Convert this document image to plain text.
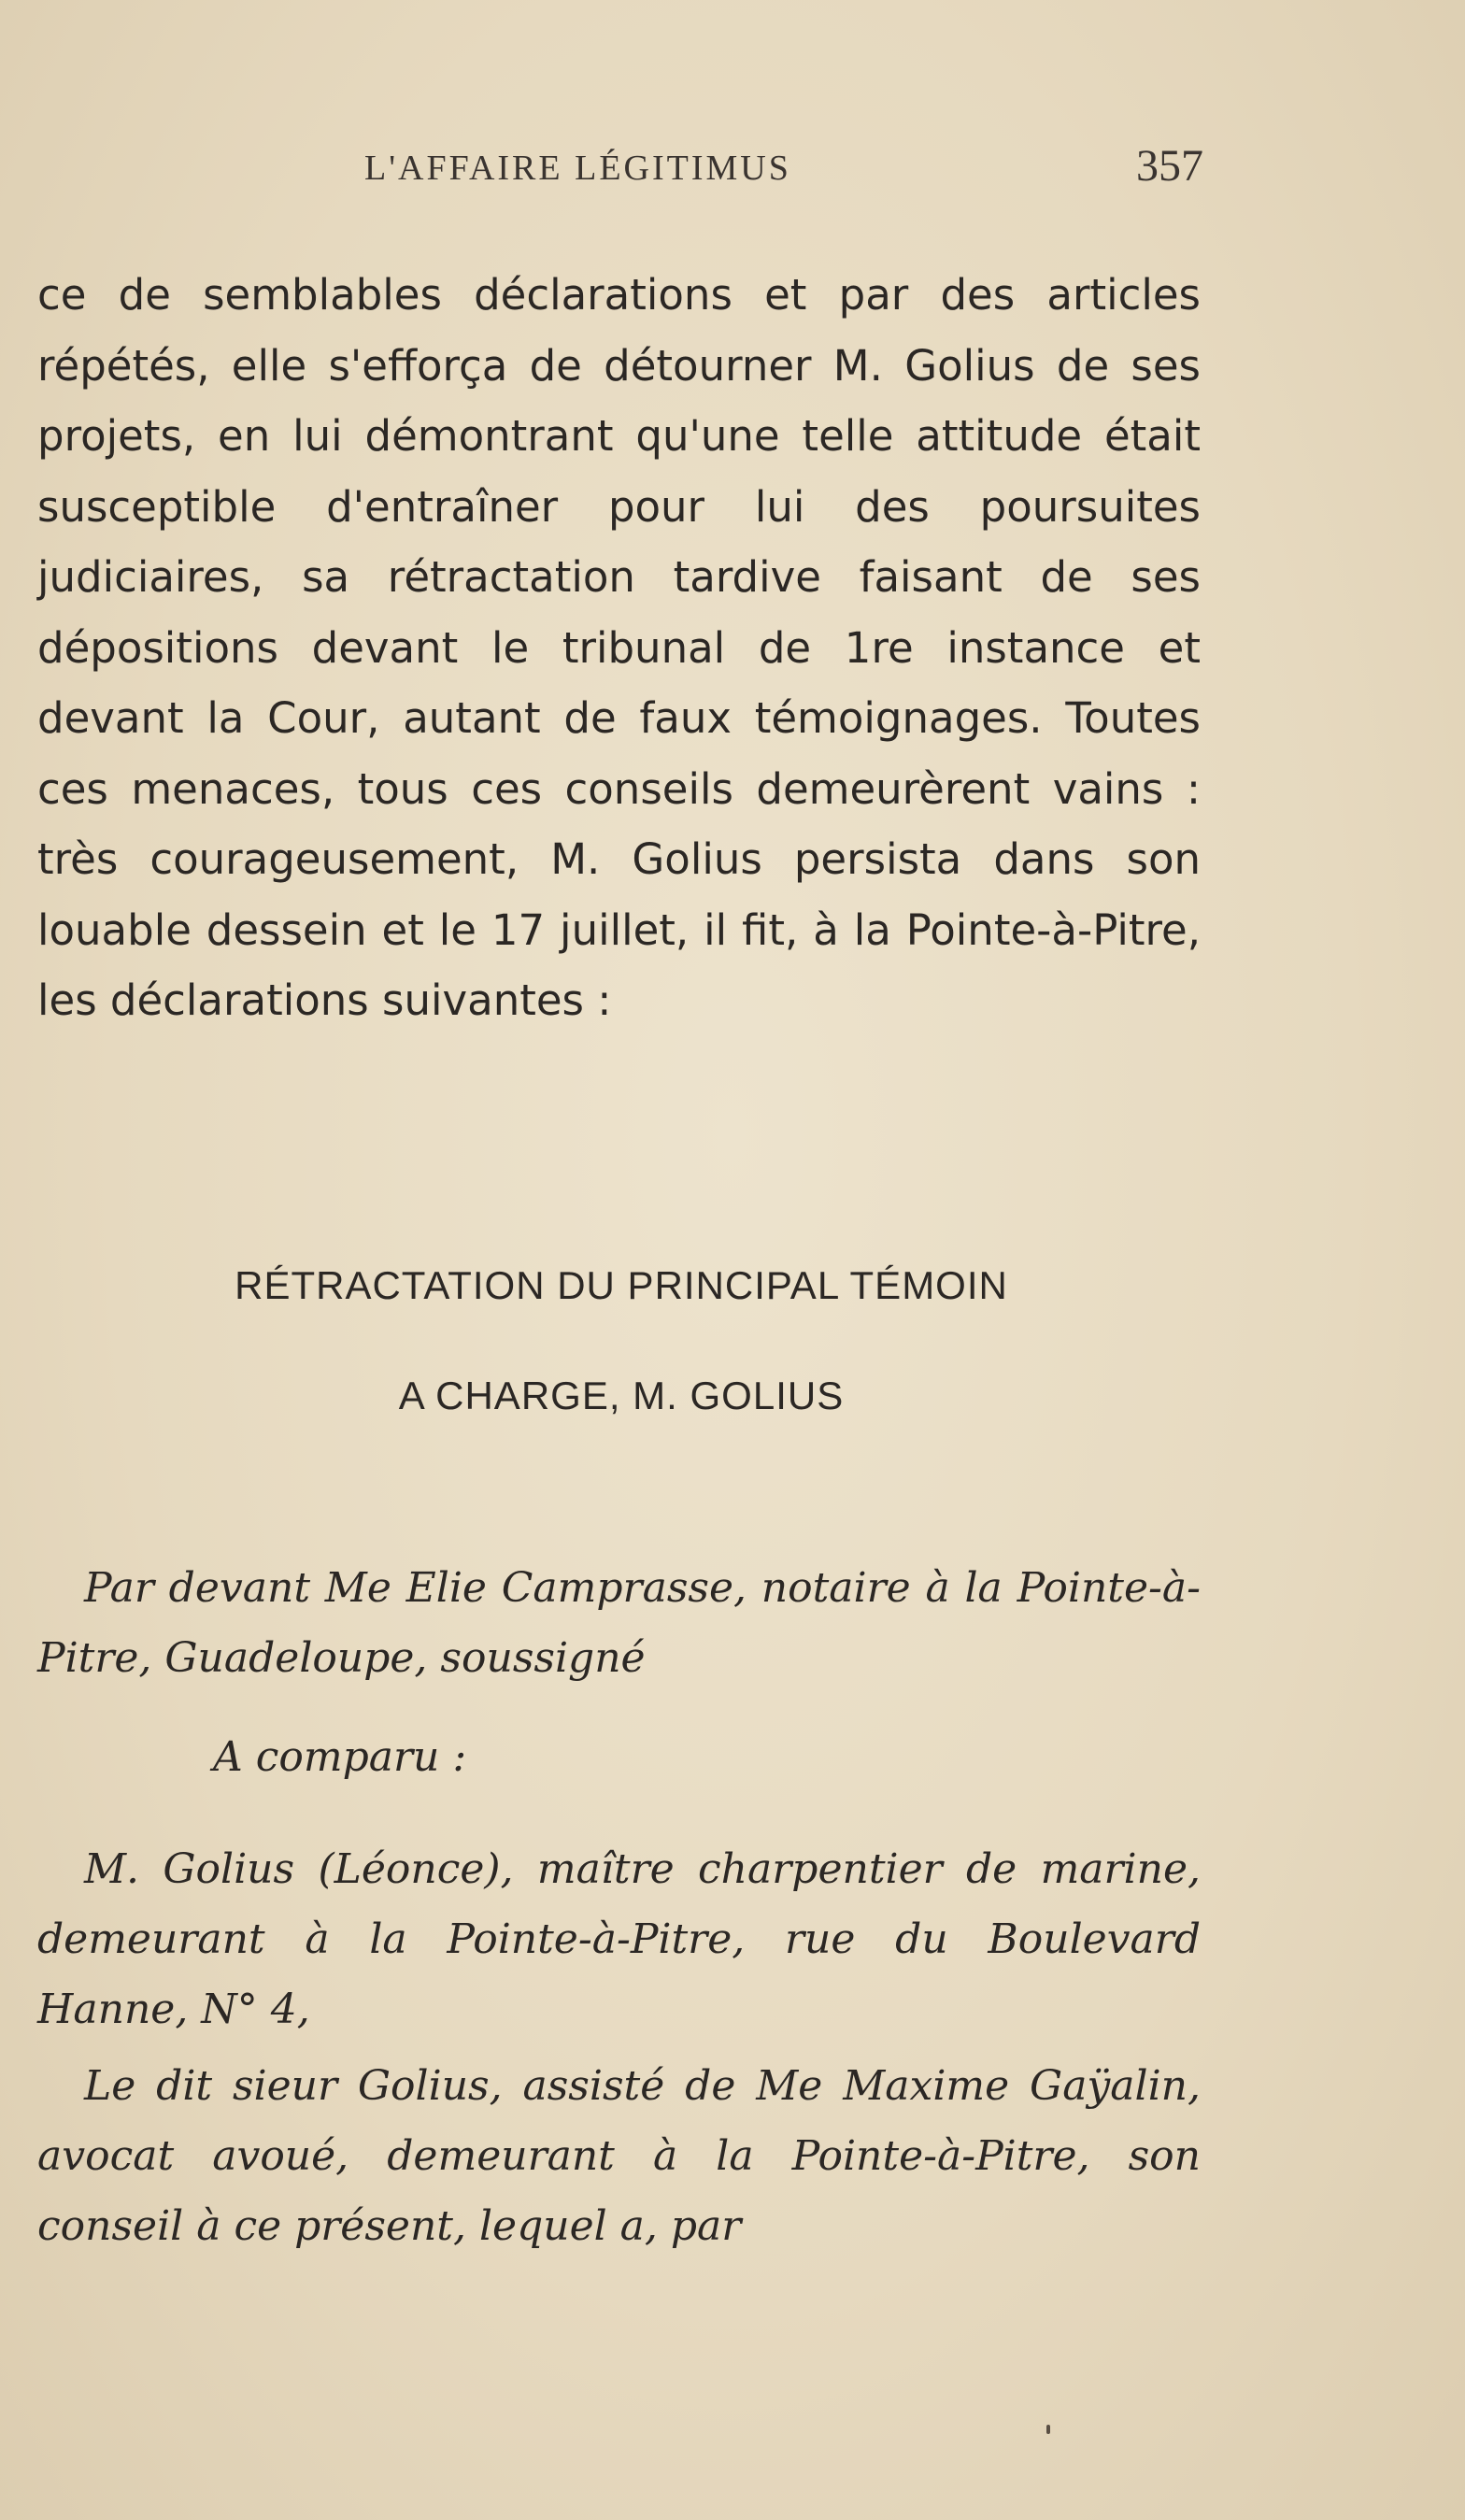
L'AFFAIRE LÉGITIMUS	357

ce de semblables déclarations et par des articles répétés, elle s'efforça de détourner M. Golius de ses projets, en lui démontrant qu'une telle attitude était susceptible d'entraîner pour lui des poursuites judiciaires, sa rétractation tardive faisant de ses dépositions devant le tribunal de 1re instance et devant la Cour, autant de faux témoignages. Toutes ces menaces, tous ces conseils demeurèrent vains : très courageusement, M. Golius persista dans son louable dessein et le 17 juillet, il fit, à la Pointe-à-Pitre, les déclarations suivantes :

RÉTRACTATION DU PRINCIPAL TÉMOIN
A CHARGE, M. GOLIUS

Par devant Me Elie Camprasse, notaire à la Pointe-à-Pitre, Guadeloupe, soussigné

A comparu :

M. Golius (Léonce), maître charpentier de marine, demeurant à la Pointe-à-Pitre, rue du Boulevard Hanne, N° 4,

Le dit sieur Golius, assisté de Me Maxime Gaÿalin, avocat avoué, demeurant à la Pointe-à-Pitre, son conseil à ce présent, lequel a, par
